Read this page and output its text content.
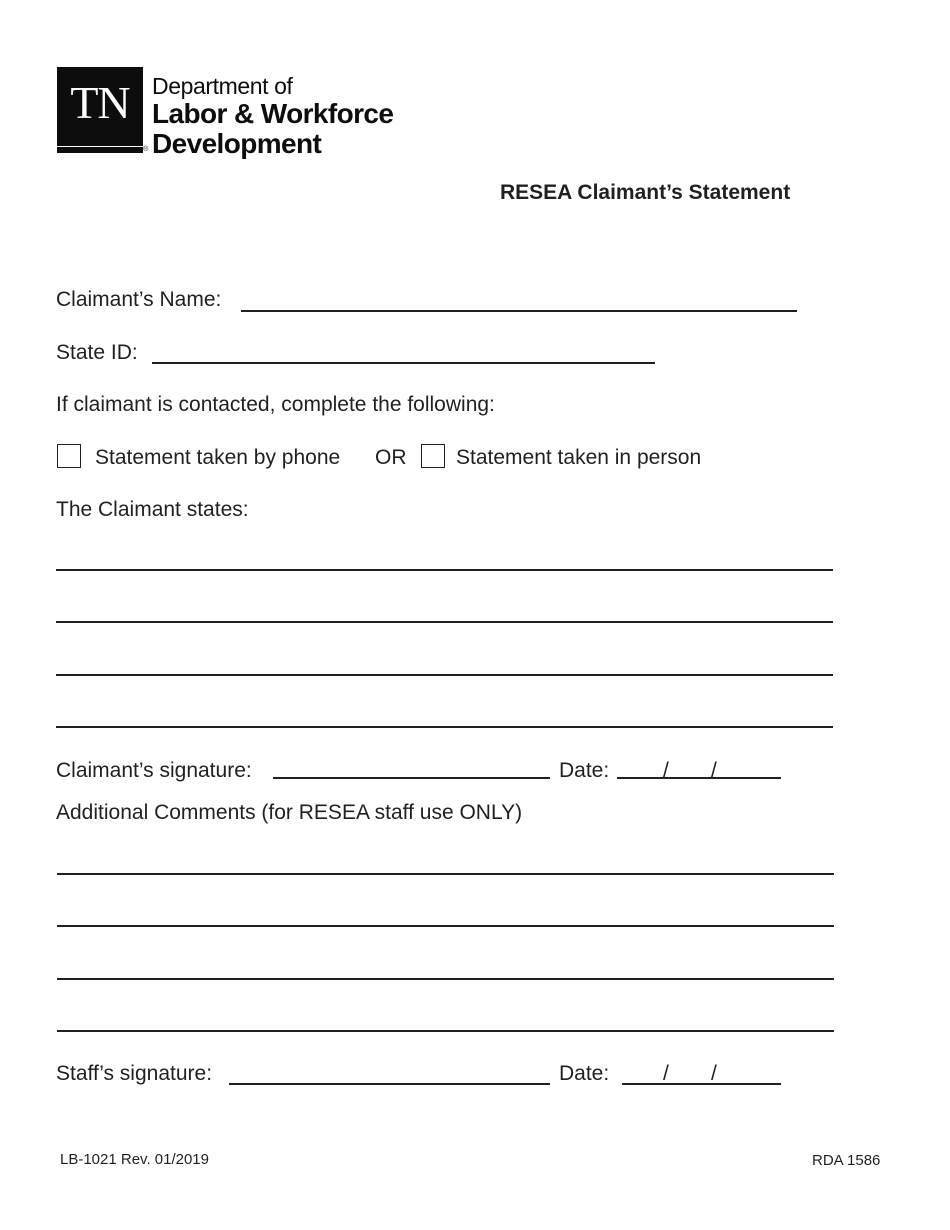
TN
®
Department of
Labor & Workforce
Development
RESEA Claimant’s Statement
Claimant’s Name:
State ID:
If claimant is contacted, complete the following:
Statement taken by phone OR Statement taken in person
The Claimant states:
Claimant’s signature:	Date:	/ /
Additional Comments (for RESEA staff use ONLY)
Staff’s signature:	Date:	/ /
LB-1021 Rev. 01/2019	RDA 1586
